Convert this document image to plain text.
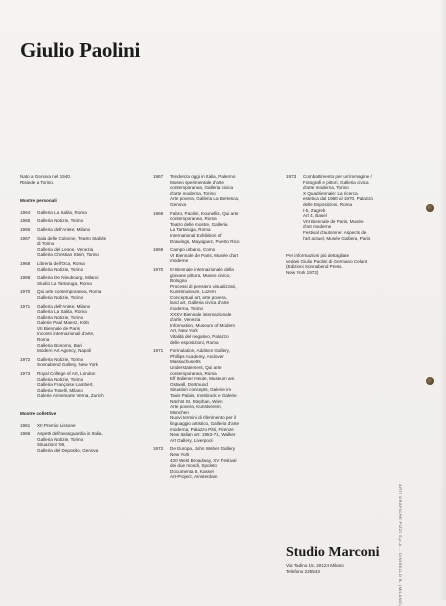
Giulio Paolini
Nato a Genova nel 1940.
Risiede a Torino.
Mostre personali
1964	Galleria La Salita, Roma
1965	Galleria Notizie, Torino
1966	Galleria dell'Ariete, Milano
1967	Sala delle Colonne, Teatro Stabile
di Torino
Galleria del Leone, Venezia
Galleria Christian Stein, Torino
1968	Libreria dell'Oca, Roma
Galleria Notizie, Torino
1969	Galleria De Nieubourg, Milano
Studio La Tartaruga, Roma
1970	Qui arte contemporanea, Roma
Galleria Notizie, Torino
1971	Galleria dell'Ariete, Milano
Galleria La Salita, Roma
Galleria Notizie, Torino
Galerie Paul Maenz, Köln
VII Biennale de Paris
Incontri internazionali d'arte,
Roma
Galleria Bonomo, Bari
Modern Art Agency, Napoli
1972	Galleria Notizie, Torino
Sonnabend Gallery, New York
1973	Royal College of Art, London
Galleria Notizie, Torino
Galleria Françoise Lambert,
Galleria Toselli, Milano
Galerie Annemarie Verna, Zurich
Mostre collettive
1961	XII Premio Lissone
1966	Aspetti dell'avanguardia in Italia,
Galleria Notizie, Torino
Situazioni '66,
Galleria del Deposito, Genova
1967	Tendenza oggi in Italia, Palermo
Museo sperimentale d'arte
contemporanea, Galleria civica
d'arte moderna, Torino
Arte povera, Galleria La Bertesca,
Genova
1968	Fabro, Paolini, Kounellis, Qui arte
contemporanea, Roma
Teatro delle mostre, Galleria
La Tartaruga, Roma
International Exhibition of
Drawings, Mayaguez, Puerto Rico
1969	Campo urbano, Como
VI Biennale de Paris, Musée d'art
moderne
1970	III Biennale internazionale della
giovane pittura, Museo civico,
Bologna
Processi di pensiero visualizzati,
Kunstmuseum, Luzern
Conceptual art, arte povera,
land art, Galleria civica d'arte
moderna, Torino
XXXV Biennale internazionale
d'arte, Venezia
Information, Museum of Modern
Art, New York
Vitalità del negativo, Palazzo
delle esposizioni, Roma
1971	Formulation, Addison Gallery,
Phillips Academy, Andover
Massachusetts
Understatement, Qui arte
contemporanea, Roma
Elf Italiener Heute, Museum am
Ostwall, Dortmund
Situation concepts, Galerie im
Taxis Palais, Innsbruck e Galerie
Nächst St. Stephan, Wien
Arte povera, Kunstverein,
München
Nuovi termini di riferimento per il
linguaggio artistico, Galleria d'arte
moderna, Palazzo Pitti, Firenze
New Italian art: 1953-71, Walker
Art Gallery, Liverpool
1972	De Europa, John Weber Gallery
New York
420 West Broadway, XV Festival
dei due mondi, Spoleto
Documenta 5, Kassel
Art-Project, Amsterdam
1973	Combattimento per un'immagine /
Fotografi e pittori, Galleria civica
d'arte moderna, Torino
X Quadriennale: La ricerca
estetica dal 1960 al 1970, Palazzo
delle Esposizioni, Roma
t-5, Zagreb
Art 4, Basel
VIII Biennale de Paris, Musée
d'art moderne
Festival d'automne: Aspects de
l'art actuel, Musée Galliera, Paris
Per informazioni più dettagliate
vedasi Giulio Paolini di Germano Celant
(Edizioni Sonnabend Press,
New York 1972)
Studio Marconi
Via Tadino 15, 20124 Milano
Telefono 225543	ARTI GRAFICHE PIZZI S.p.A. - CINISELLO B. (MILANO)
